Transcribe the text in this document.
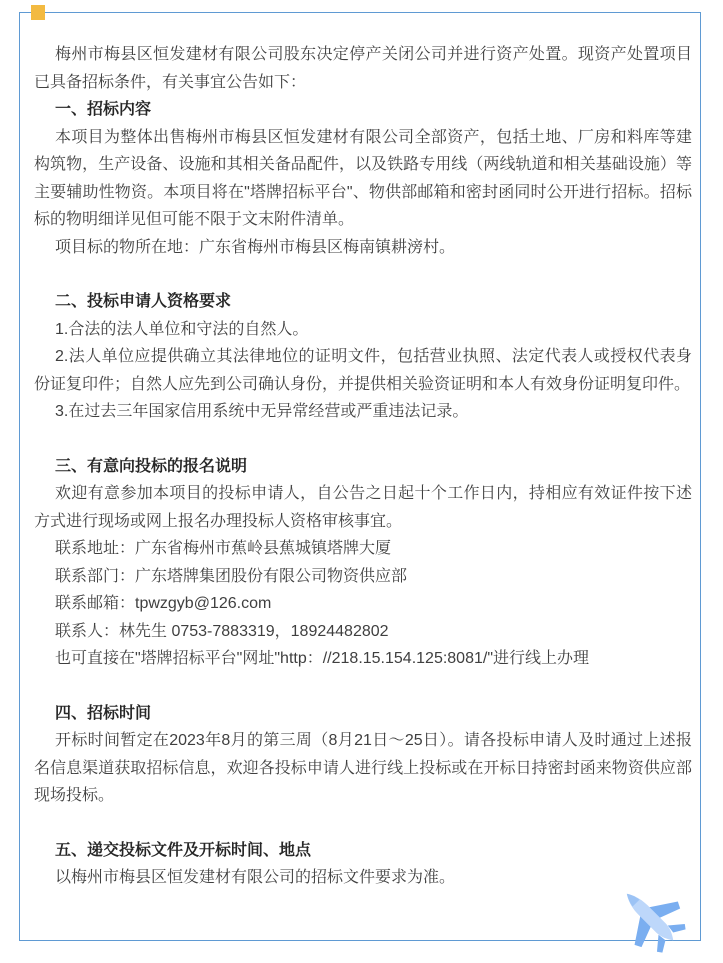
梅州市梅县区恒发建材有限公司股东决定停产关闭公司并进行资产处置。现资产处置项目已具备招标条件，有关事宜公告如下：

一、招标内容

本项目为整体出售梅州市梅县区恒发建材有限公司全部资产，包括土地、厂房和料库等建构筑物，生产设备、设施和其相关备品配件，以及铁路专用线（两线轨道和相关基础设施）等主要辅助性物资。本项目将在"塔牌招标平台"、物供部邮箱和密封函同时公开进行招标。招标标的物明细详见但可能不限于文末附件清单。

项目标的物所在地：广东省梅州市梅县区梅南镇耕滂村。

二、投标申请人资格要求

1.合法的法人单位和守法的自然人。

2.法人单位应提供确立其法律地位的证明文件，包括营业执照、法定代表人或授权代表身份证复印件；自然人应先到公司确认身份，并提供相关验资证明和本人有效身份证明复印件。

3.在过去三年国家信用系统中无异常经营或严重违法记录。

三、有意向投标的报名说明

欢迎有意参加本项目的投标申请人，自公告之日起十个工作日内，持相应有效证件按下述方式进行现场或网上报名办理投标人资格审核事宜。

联系地址：广东省梅州市蕉岭县蕉城镇塔牌大厦

联系部门：广东塔牌集团股份有限公司物资供应部

联系邮箱：tpwzgyb@126.com

联系人：林先生 0753-7883319，18924482802

也可直接在"塔牌招标平台"网址"http：//218.15.154.125:8081/"进行线上办理

四、招标时间

开标时间暂定在2023年8月的第三周（8月21日～25日）。请各投标申请人及时通过上述报名信息渠道获取招标信息，欢迎各投标申请人进行线上投标或在开标日持密封函来物资供应部现场投标。

五、递交投标文件及开标时间、地点

以梅州市梅县区恒发建材有限公司的招标文件要求为准。
